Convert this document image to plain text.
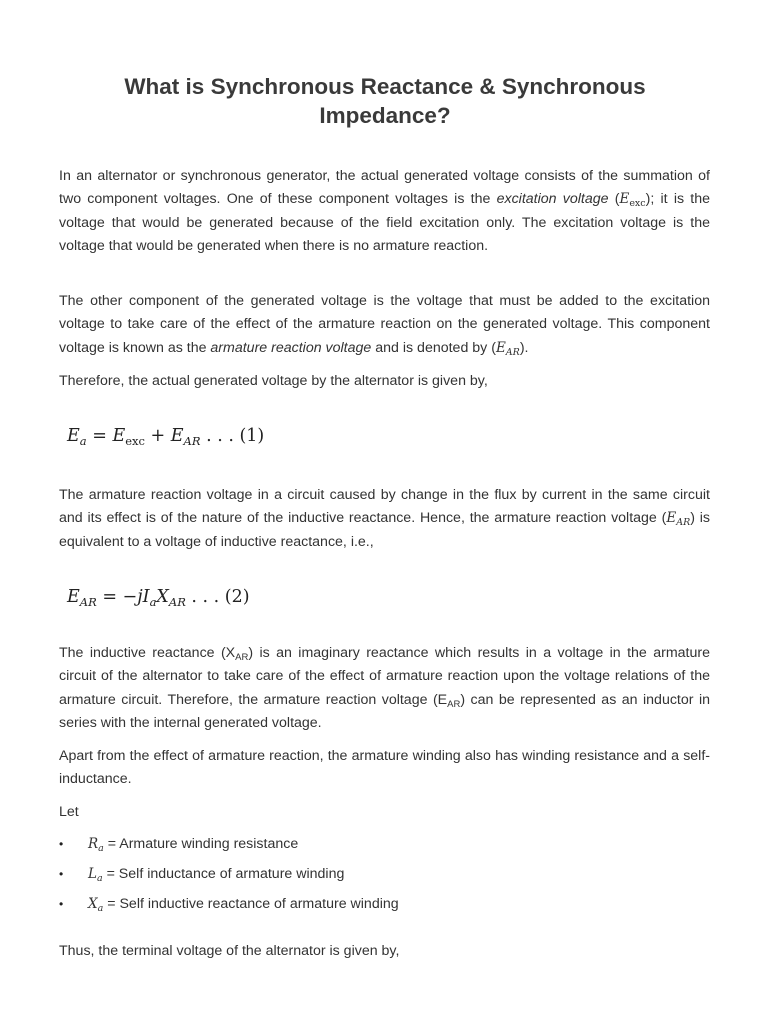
What is Synchronous Reactance & Synchronous Impedance?

In an alternator or synchronous generator, the actual generated voltage consists of the summation of two component voltages. One of these component voltages is the excitation voltage $(E_{exc})$; it is the voltage that would be generated because of the field excitation only. The excitation voltage is the voltage that would be generated when there is no armature reaction.

The other component of the generated voltage is the voltage that must be added to the excitation voltage to take care of the effect of the armature reaction on the generated voltage. This component voltage is known as the armature reaction voltage and is denoted by $(E_{AR})$.

Therefore, the actual generated voltage by the alternator is given by,

$E_a = E_{exc} + E_{AR}$ . . . (1)

The armature reaction voltage in a circuit caused by change in the flux by current in the same circuit and its effect is of the nature of the inductive reactance. Hence, the armature reaction voltage $(E_{AR})$ is equivalent to a voltage of inductive reactance, i.e.,

$E_{AR} = -jI_aX_{AR}$ . . . (2)

The inductive reactance $(X_{AR})$ is an imaginary reactance which results in a voltage in the armature circuit of the alternator to take care of the effect of armature reaction upon the voltage relations of the armature circuit. Therefore, the armature reaction voltage $(E_{AR})$ can be represented as an inductor in series with the internal generated voltage.

Apart from the effect of armature reaction, the armature winding also has winding resistance and a self-inductance.

Let

• $R_a$ = Armature winding resistance
• $L_a$ = Self inductance of armature winding
• $X_a$ = Self inductive reactance of armature winding

Thus, the terminal voltage of the alternator is given by,
